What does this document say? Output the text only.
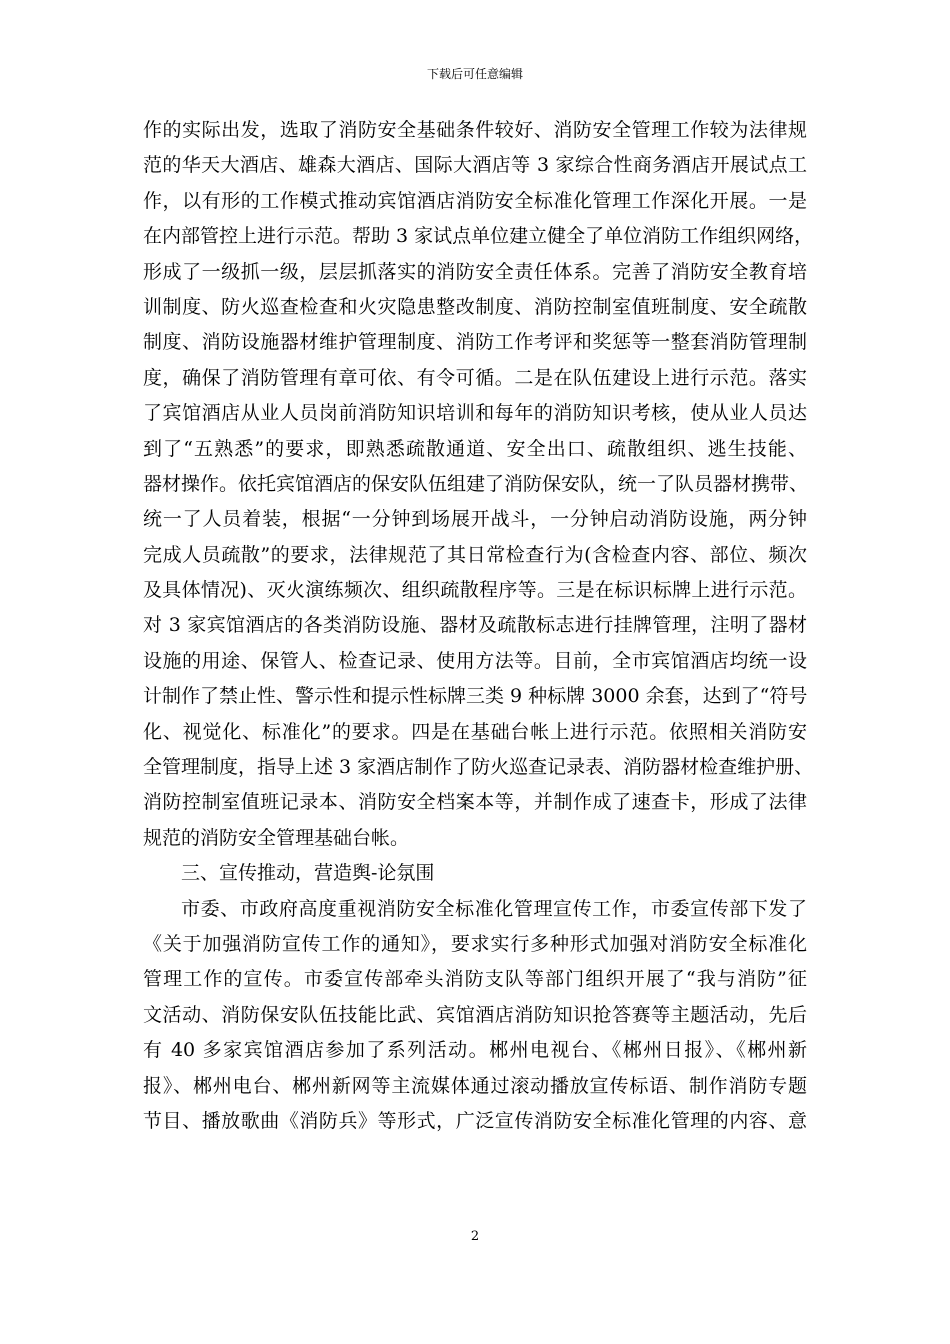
下载后可任意编辑
作的实际出发，选取了消防安全基础条件较好、消防安全管理工作较为法律规
范的华天大酒店、雄森大酒店、国际大酒店等 3 家综合性商务酒店开展试点工
作，以有形的工作模式推动宾馆酒店消防安全标准化管理工作深化开展。一是
在内部管控上进行示范。帮助 3 家试点单位建立健全了单位消防工作组织网络，
形成了一级抓一级，层层抓落实的消防安全责任体系。完善了消防安全教育培
训制度、防火巡查检查和火灾隐患整改制度、消防控制室值班制度、安全疏散
制度、消防设施器材维护管理制度、消防工作考评和奖惩等一整套消防管理制
度，确保了消防管理有章可依、有令可循。二是在队伍建设上进行示范。落实
了宾馆酒店从业人员岗前消防知识培训和每年的消防知识考核，使从业人员达
到了“五熟悉”的要求，即熟悉疏散通道、安全出口、疏散组织、逃生技能、
器材操作。依托宾馆酒店的保安队伍组建了消防保安队，统一了队员器材携带、
统一了人员着装，根据“一分钟到场展开战斗，一分钟启动消防设施，两分钟
完成人员疏散”的要求，法律规范了其日常检查行为(含检查内容、部位、频次
及具体情况)、灭火演练频次、组织疏散程序等。三是在标识标牌上进行示范。
对 3 家宾馆酒店的各类消防设施、器材及疏散标志进行挂牌管理，注明了器材
设施的用途、保管人、检查记录、使用方法等。目前，全市宾馆酒店均统一设
计制作了禁止性、警示性和提示性标牌三类 9 种标牌 3000 余套，达到了“符号
化、视觉化、标准化”的要求。四是在基础台帐上进行示范。依照相关消防安
全管理制度，指导上述 3 家酒店制作了防火巡查记录表、消防器材检查维护册、
消防控制室值班记录本、消防安全档案本等，并制作成了速查卡，形成了法律
规范的消防安全管理基础台帐。
三、宣传推动，营造舆-论氛围
市委、市政府高度重视消防安全标准化管理宣传工作，市委宣传部下发了
《关于加强消防宣传工作的通知》，要求实行多种形式加强对消防安全标准化
管理工作的宣传。市委宣传部牵头消防支队等部门组织开展了“我与消防”征
文活动、消防保安队伍技能比武、宾馆酒店消防知识抢答赛等主题活动，先后
有 40 多家宾馆酒店参加了系列活动。郴州电视台、《郴州日报》、《郴州新
报》、郴州电台、郴州新网等主流媒体通过滚动播放宣传标语、制作消防专题
节目、播放歌曲《消防兵》等形式，广泛宣传消防安全标准化管理的内容、意
2
